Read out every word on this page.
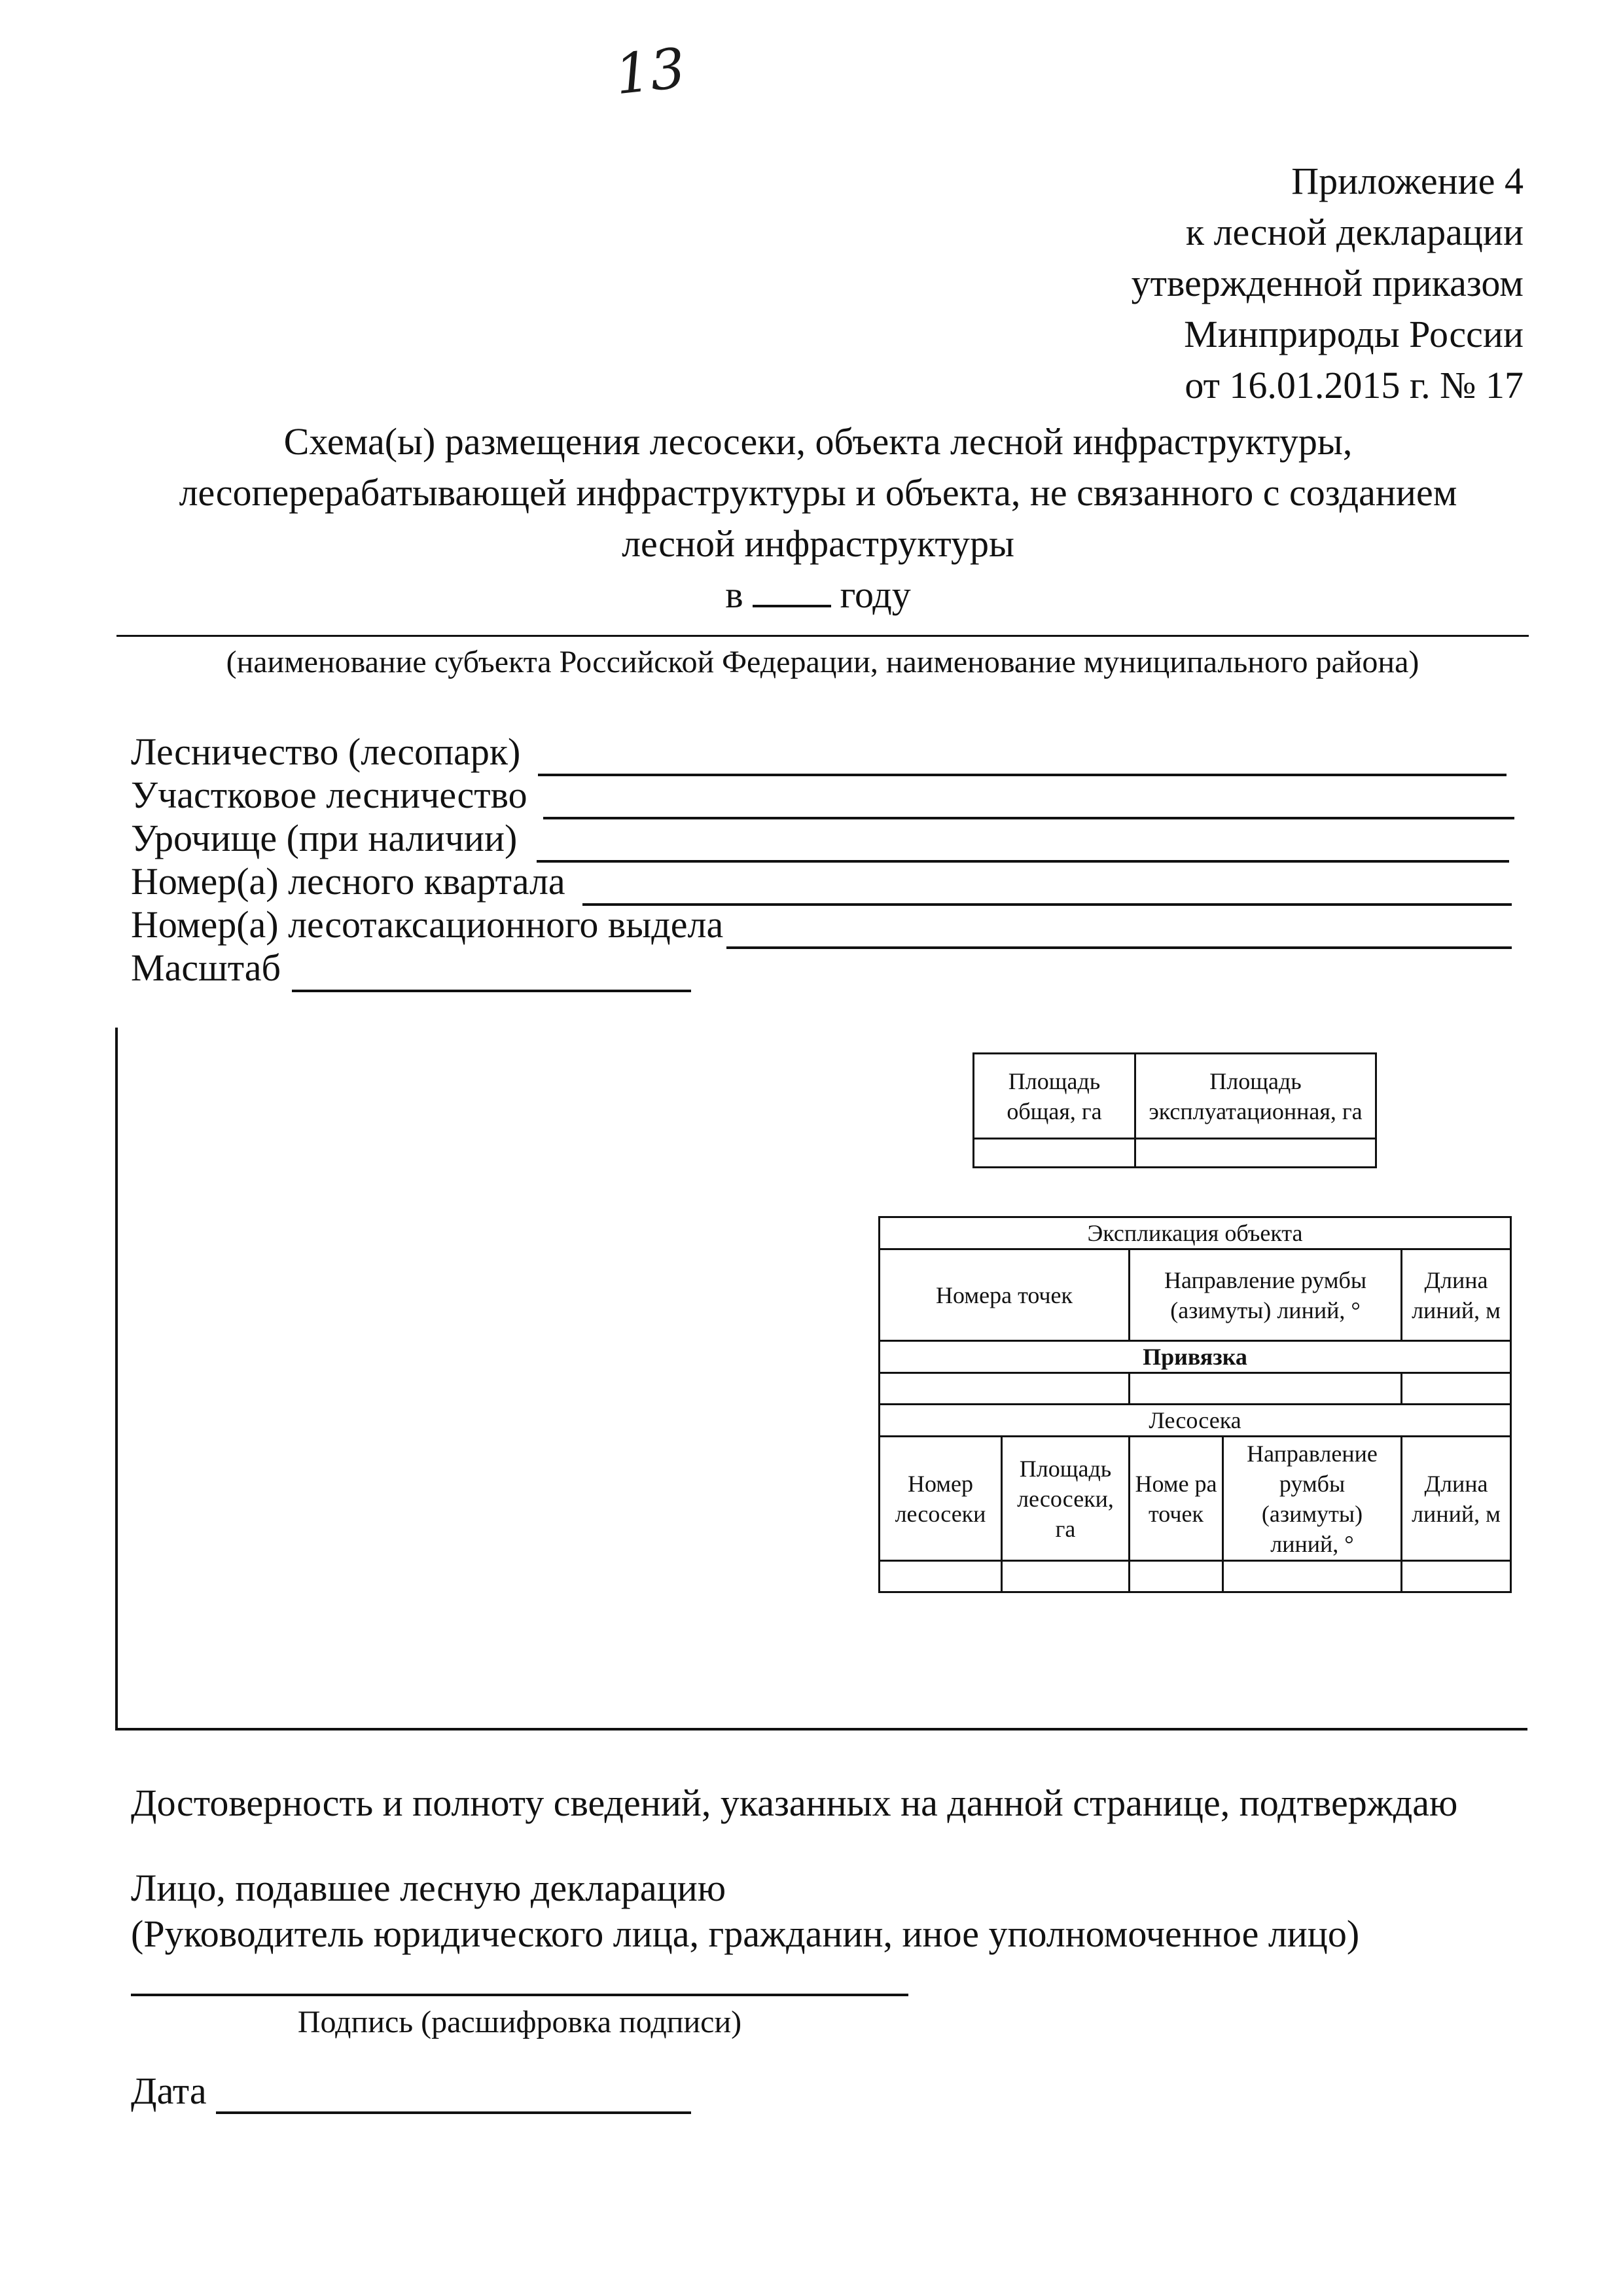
13
Приложение 4
к лесной декларации
утвержденной приказом
Минприроды России
от 16.01.2015 г. № 17
Схема(ы) размещения лесосеки, объекта лесной инфраструктуры,
лесоперерабатывающей инфраструктуры и объекта, не связанного с созданием
лесной инфраструктуры
в	году
(наименование субъекта Российской Федерации, наименование муниципального района)
Лесничество (лесопарк)
Участковое лесничество
Урочище (при наличии)
Номер(а) лесного квартала
Номер(а) лесотаксационного выдела
Масштаб
Площадь общая, га	Площадь эксплуатационная, га

Экспликация объекта				
Номера точек		Направление румбы (азимуты) линий, °		Длина линий, м
Привязка				

Лесосека				
Номер лесосеки	Площадь лесосеки, га	Номе ра точек	Направление румбы (азимуты) линий, °	Длина линий, м

Достоверность и полноту сведений, указанных на данной странице, подтверждаю
Лицо, подавшее лесную декларацию
(Руководитель юридического лица, гражданин, иное уполномоченное лицо)
Подпись (расшифровка подписи)
Дата
